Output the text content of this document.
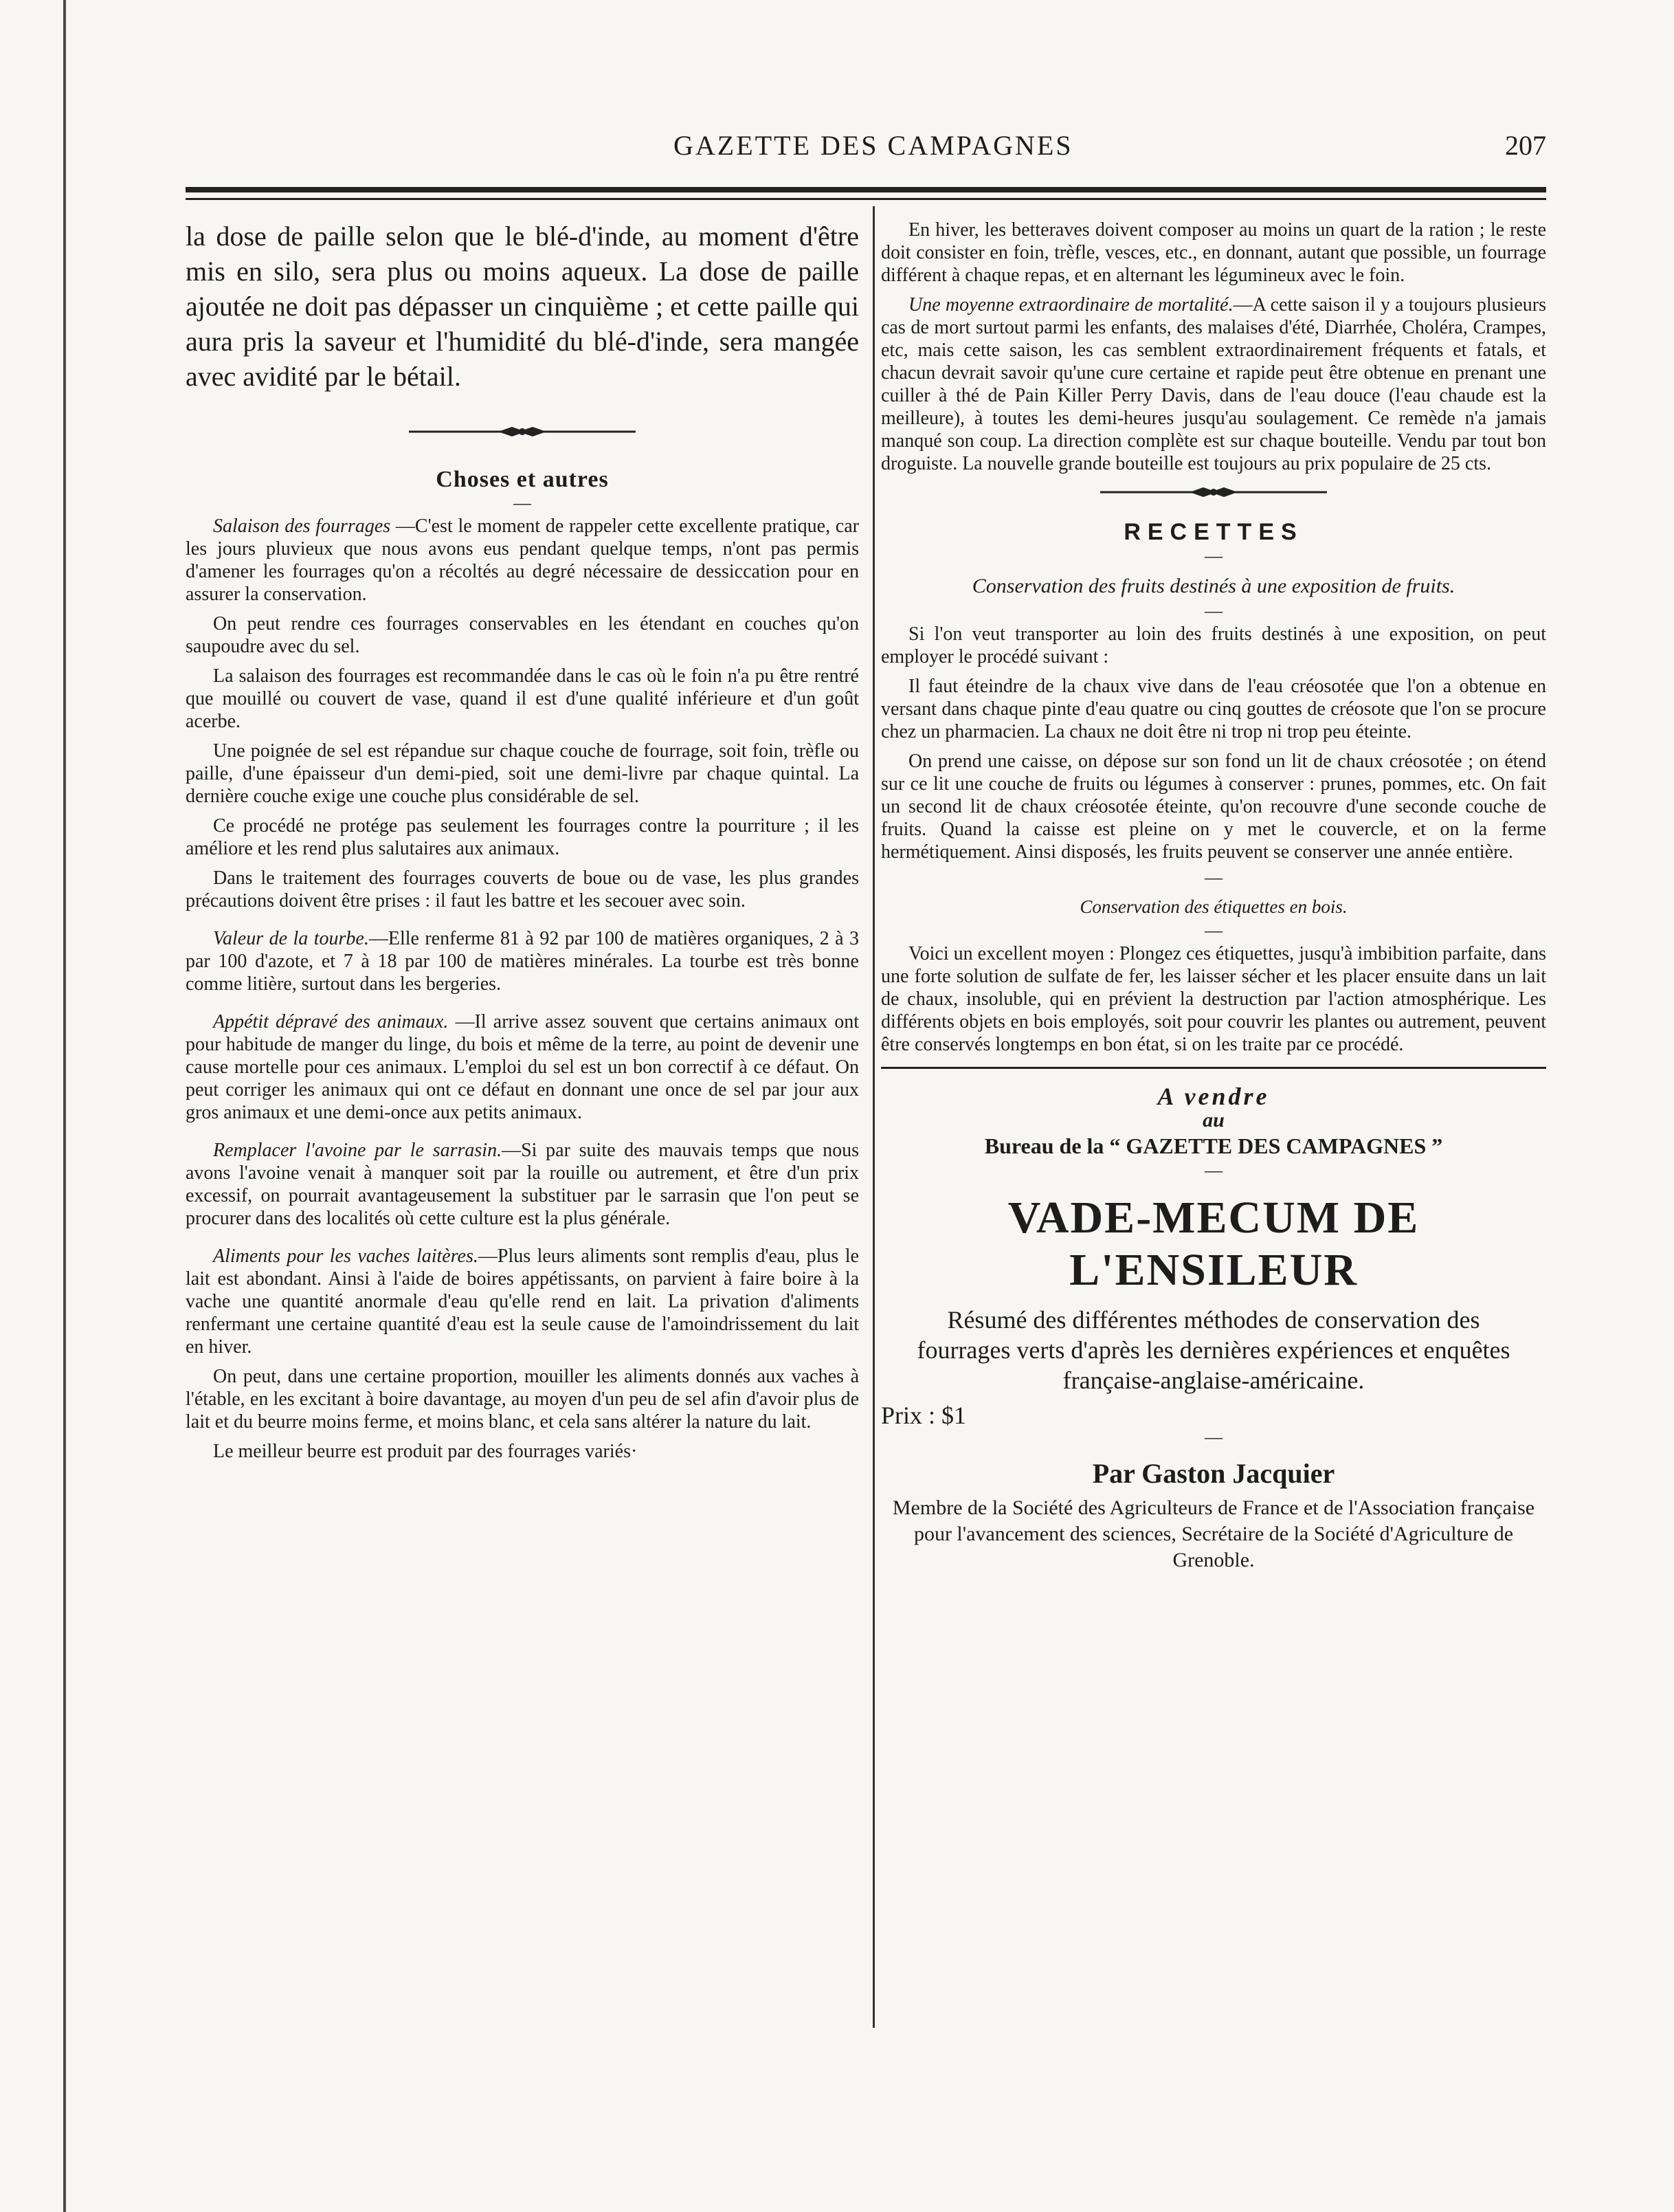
GAZETTE DES CAMPAGNES	207

la dose de paille selon que le blé-d'inde, au moment d'être mis en silo, sera plus ou moins aqueux. La dose de paille ajoutée ne doit pas dépasser un cinquième ; et cette paille qui aura pris la saveur et l'humidité du blé-d'inde, sera mangée avec avidité par le bétail.

Choses et autres
—

Salaison des fourrages —C'est le moment de rappeler cette excellente pratique, car les jours pluvieux que nous avons eus pendant quelque temps, n'ont pas permis d'amener les fourrages qu'on a récoltés au degré nécessaire de dessiccation pour en assurer la conservation.

On peut rendre ces fourrages conservables en les étendant en couches qu'on saupoudre avec du sel.

La salaison des fourrages est recommandée dans le cas où le foin n'a pu être rentré que mouillé ou couvert de vase, quand il est d'une qualité inférieure et d'un goût acerbe.

Une poignée de sel est répandue sur chaque couche de fourrage, soit foin, trèfle ou paille, d'une épaisseur d'un demi-pied, soit une demi-livre par chaque quintal. La dernière couche exige une couche plus considérable de sel.

Ce procédé ne protége pas seulement les fourrages contre la pourriture ; il les améliore et les rend plus salutaires aux animaux.

Dans le traitement des fourrages couverts de boue ou de vase, les plus grandes précautions doivent être prises : il faut les battre et les secouer avec soin.

Valeur de la tourbe.—Elle renferme 81 à 92 par 100 de matières organiques, 2 à 3 par 100 d'azote, et 7 à 18 par 100 de matières minérales. La tourbe est très bonne comme litière, surtout dans les bergeries.

Appétit dépravé des animaux. —Il arrive assez souvent que certains animaux ont pour habitude de manger du linge, du bois et même de la terre, au point de devenir une cause mortelle pour ces animaux. L'emploi du sel est un bon correctif à ce défaut. On peut corriger les animaux qui ont ce défaut en donnant une once de sel par jour aux gros animaux et une demi-once aux petits animaux.

Remplacer l'avoine par le sarrasin.—Si par suite des mauvais temps que nous avons l'avoine venait à manquer soit par la rouille ou autrement, et être d'un prix excessif, on pourrait avantageusement la substituer par le sarrasin que l'on peut se procurer dans des localités où cette culture est la plus générale.

Aliments pour les vaches laitères.—Plus leurs aliments sont remplis d'eau, plus le lait est abondant. Ainsi à l'aide de boires appétissants, on parvient à faire boire à la vache une quantité anormale d'eau qu'elle rend en lait. La privation d'aliments renfermant une certaine quantité d'eau est la seule cause de l'amoindrissement du lait en hiver.

On peut, dans une certaine proportion, mouiller les aliments donnés aux vaches à l'étable, en les excitant à boire davantage, au moyen d'un peu de sel afin d'avoir plus de lait et du beurre moins ferme, et moins blanc, et cela sans altérer la nature du lait.

Le meilleur beurre est produit par des fourrages variés·

En hiver, les betteraves doivent composer au moins un quart de la ration ; le reste doit consister en foin, trèfle, vesces, etc., en donnant, autant que possible, un fourrage différent à chaque repas, et en alternant les légumineux avec le foin.

Une moyenne extraordinaire de mortalité.—A cette saison il y a toujours plusieurs cas de mort surtout parmi les enfants, des malaises d'été, Diarrhée, Choléra, Crampes, etc, mais cette saison, les cas semblent extraordinairement fréquents et fatals, et chacun devrait savoir qu'une cure certaine et rapide peut être obtenue en prenant une cuiller à thé de Pain Killer Perry Davis, dans de l'eau douce (l'eau chaude est la meilleure), à toutes les demi-heures jusqu'au soulagement. Ce remède n'a jamais manqué son coup. La direction complète est sur chaque bouteille. Vendu par tout bon droguiste. La nouvelle grande bouteille est toujours au prix populaire de 25 cts.

RECETTES
—
Conservation des fruits destinés à une exposition de fruits.
—

Si l'on veut transporter au loin des fruits destinés à une exposition, on peut employer le procédé suivant :

Il faut éteindre de la chaux vive dans de l'eau créosotée que l'on a obtenue en versant dans chaque pinte d'eau quatre ou cinq gouttes de créosote que l'on se procure chez un pharmacien. La chaux ne doit être ni trop ni trop peu éteinte.

On prend une caisse, on dépose sur son fond un lit de chaux créosotée ; on étend sur ce lit une couche de fruits ou légumes à conserver : prunes, pommes, etc. On fait un second lit de chaux créosotée éteinte, qu'on recouvre d'une seconde couche de fruits. Quand la caisse est pleine on y met le couvercle, et on la ferme hermétiquement. Ainsi disposés, les fruits peuvent se conserver une année entière.

—
Conservation des étiquettes en bois.
—

Voici un excellent moyen : Plongez ces étiquettes, jusqu'à imbibition parfaite, dans une forte solution de sulfate de fer, les laisser sécher et les placer ensuite dans un lait de chaux, insoluble, qui en prévient la destruction par l'action atmosphérique. Les différents objets en bois employés, soit pour couvrir les plantes ou autrement, peuvent être conservés longtemps en bon état, si on les traite par ce procédé.

A vendre

au

Bureau de la “ GAZETTE DES CAMPAGNES ”

—
VADE-MECUM DE L'ENSILEUR

Résumé des différentes méthodes de conservation des fourrages verts d'après les dernières expériences et enquêtes française-anglaise-américaine.

Prix : $1

—
Par Gaston Jacquier

Membre de la Société des Agriculteurs de France et de l'Association française pour l'avancement des sciences, Secrétaire de la Société d'Agriculture de Grenoble.
